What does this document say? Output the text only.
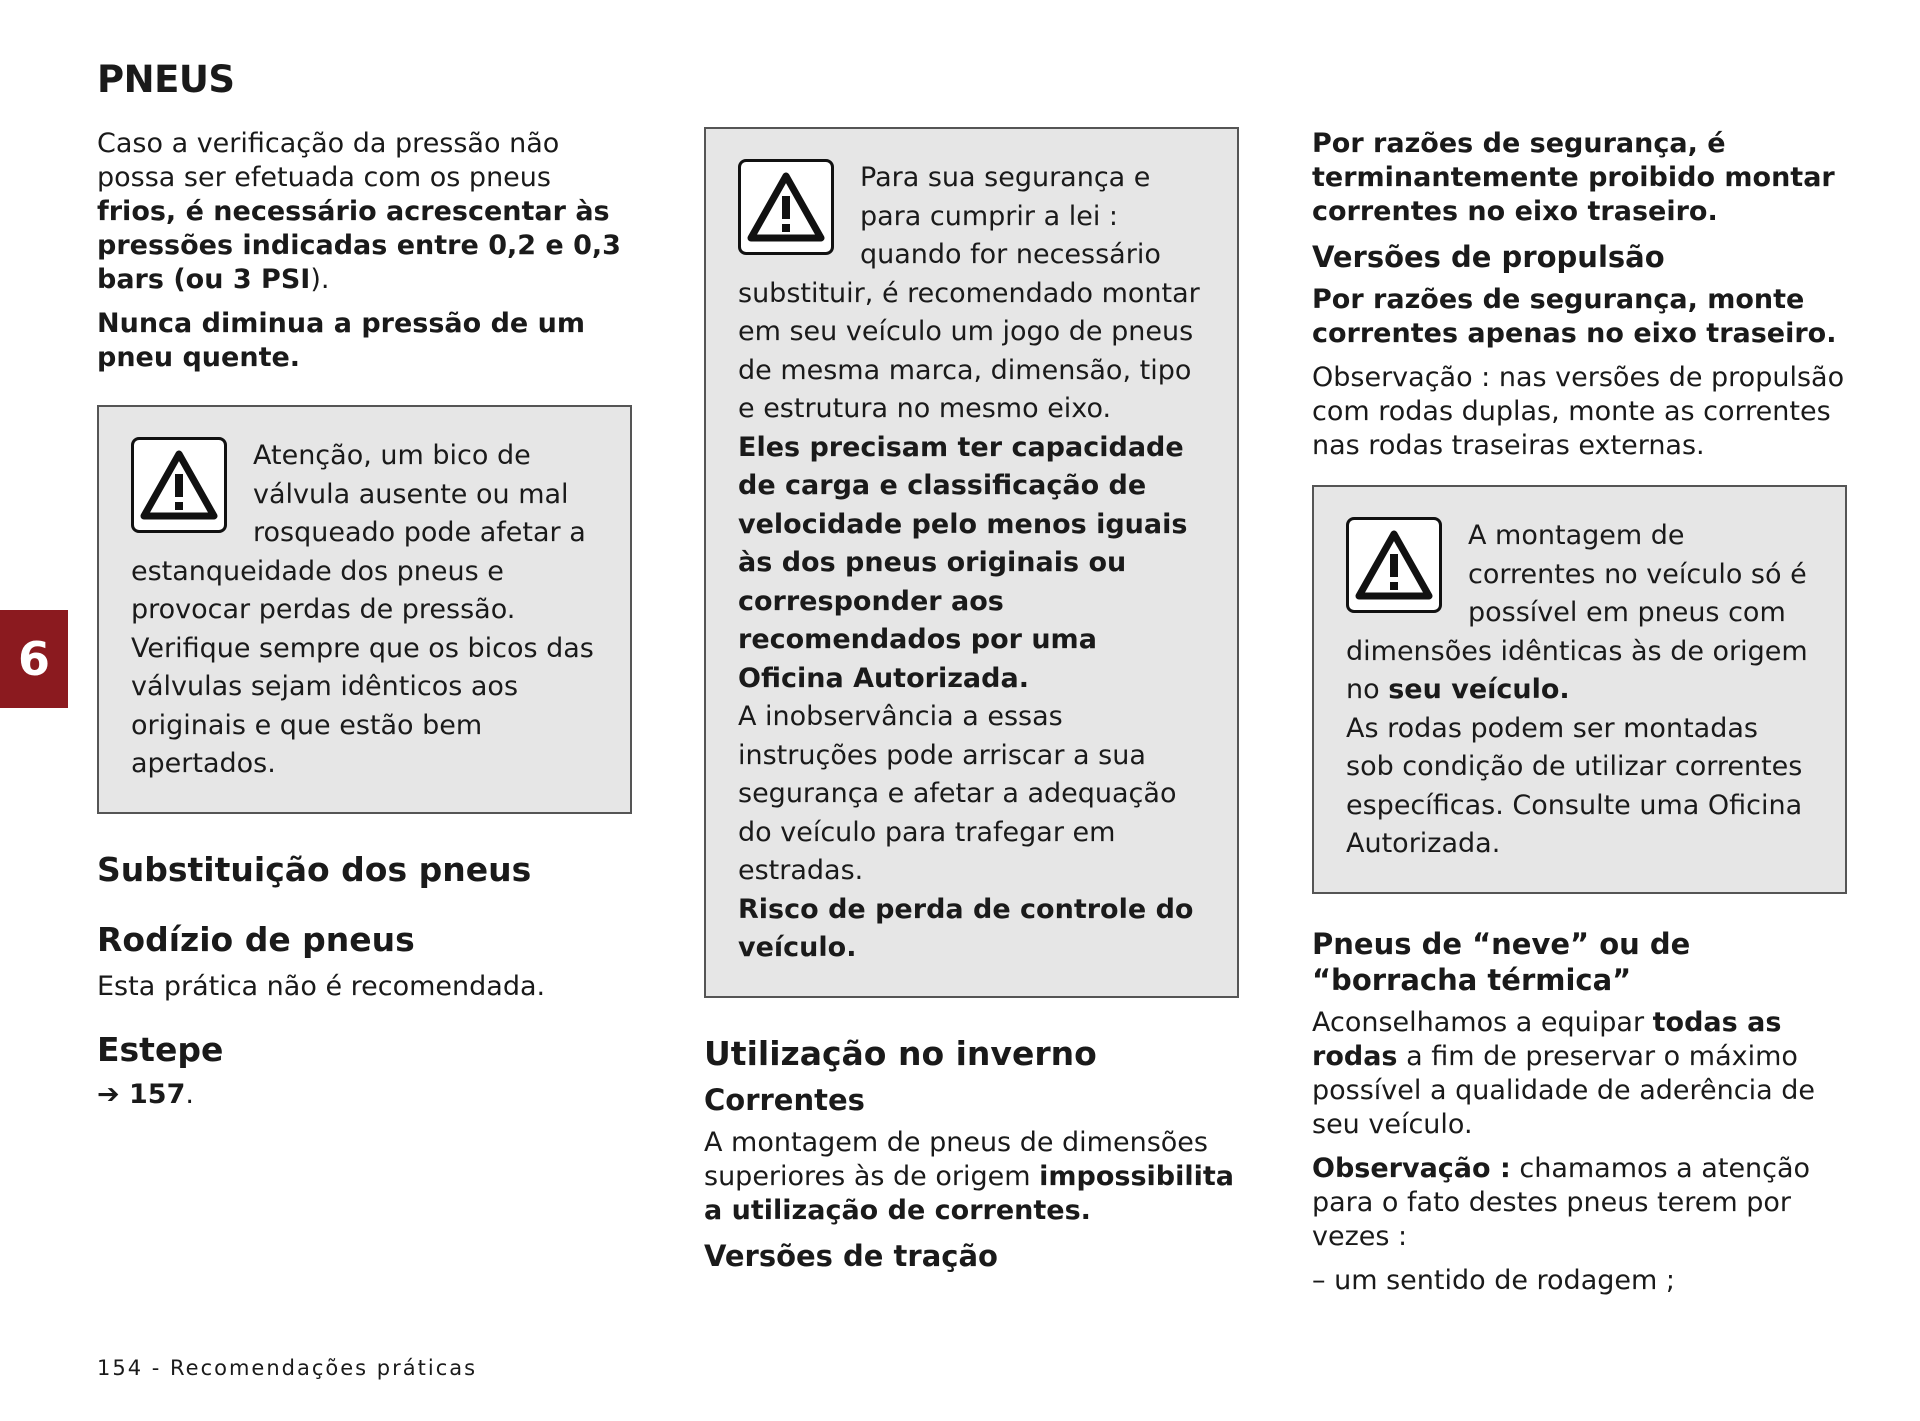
PNEUS
6

Caso a verificação da pressão não possa ser efetuada com os pneus frios, é necessário acrescentar às pressões indicadas entre 0,2 e 0,3 bars (ou 3 PSI).

Nunca diminua a pressão de um pneu quente.

Atenção, um bico de válvula ausente ou mal rosqueado pode afetar a estanqueidade dos pneus e provocar perdas de pressão.

Verifique sempre que os bicos das válvulas sejam idênticos aos originais e que estão bem apertados.

Substituição dos pneus
Rodízio de pneus

Esta prática não é recomendada.

Estepe

➔ 157.

Para sua segurança e para cumprir a lei : quando for necessário substituir, é recomendado montar em seu veículo um jogo de pneus de mesma marca, dimensão, tipo e estrutura no mesmo eixo.

Eles precisam ter capacidade de carga e classificação de velocidade pelo menos iguais às dos pneus originais ou corresponder aos recomendados por uma Oficina Autorizada.

A inobservância a essas instruções pode arriscar a sua segurança e afetar a adequação do veículo para trafegar em estradas.

Risco de perda de controle do veículo.

Utilização no inverno
Correntes

A montagem de pneus de dimensões superiores às de origem impossibilita a utilização de correntes.

Versões de tração

Por razões de segurança, é terminantemente proibido montar correntes no eixo traseiro.

Versões de propulsão

Por razões de segurança, monte correntes apenas no eixo traseiro.

Observação : nas versões de propulsão com rodas duplas, monte as correntes nas rodas traseiras externas.

A montagem de correntes no veículo só é possível em pneus com dimensões idênticas às de origem no seu veículo.

As rodas podem ser montadas sob condição de utilizar correntes específicas. Consulte uma Oficina Autorizada.

Pneus de “neve” ou de “borracha térmica”

Aconselhamos a equipar todas as rodas a fim de preservar o máximo possível a qualidade de aderência de seu veículo.

Observação : chamamos a atenção para o fato destes pneus terem por vezes :

– um sentido de rodagem ;

154 - Recomendações práticas
